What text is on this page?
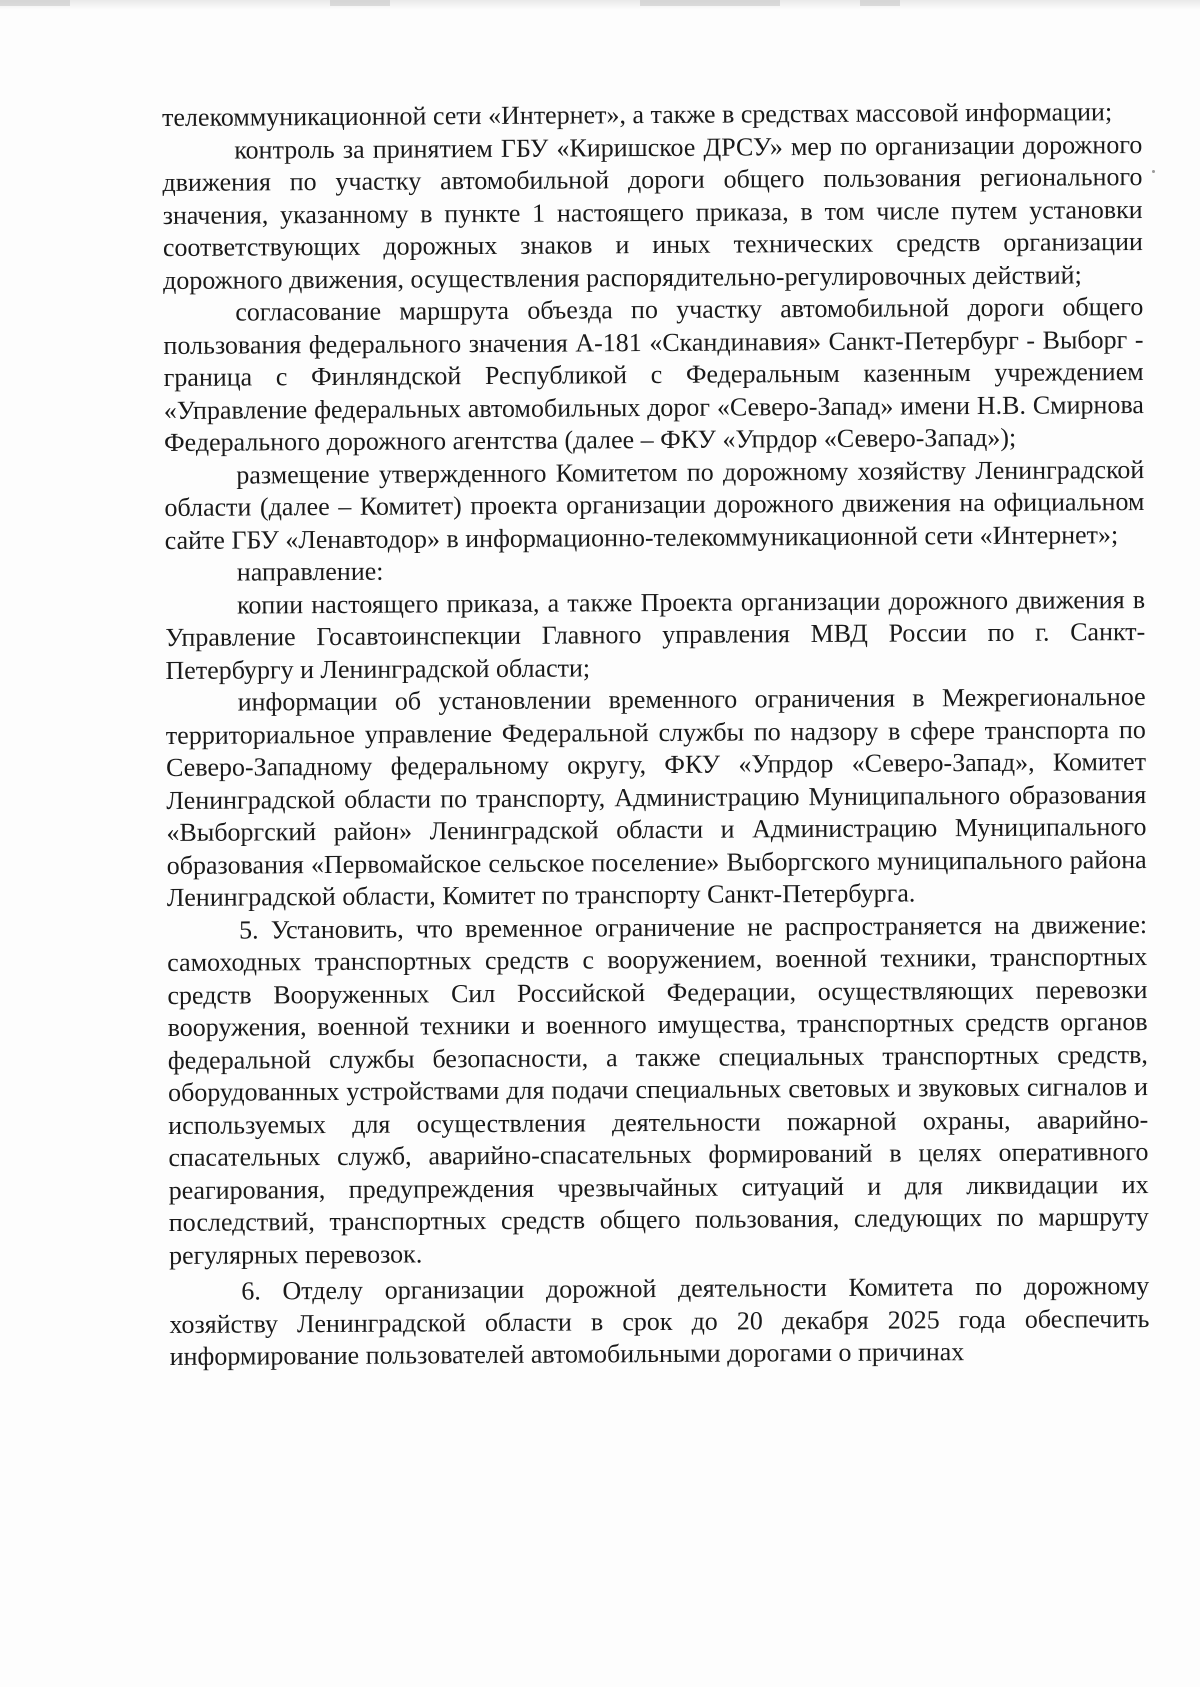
телекоммуникационной сети «Интернет», а также в средствах массовой информации;

контроль за принятием ГБУ «Киришское ДРСУ» мер по организации дорожного движения по участку автомобильной дороги общего пользования регионального значения, указанному в пункте 1 настоящего приказа, в том числе путем установки соответствующих дорожных знаков и иных технических средств организации дорожного движения, осуществления распорядительно-регулировочных действий;

согласование маршрута объезда по участку автомобильной дороги общего пользования федерального значения А-181 «Скандинавия» Санкт-Петербург - Выборг - граница с Финляндской Республикой с Федеральным казенным учреждением «Управление федеральных автомобильных дорог «Северо-Запад» имени Н.В. Смирнова Федерального дорожного агентства (далее – ФКУ «Упрдор «Северо-Запад»);

размещение утвержденного Комитетом по дорожному хозяйству Ленинградской области (далее – Комитет) проекта организации дорожного движения на официальном сайте ГБУ «Ленавтодор» в информационно-телекоммуникационной сети «Интернет»;

направление:

копии настоящего приказа, а также Проекта организации дорожного движения в Управление Госавтоинспекции Главного управления МВД России по г. Санкт-Петербургу и Ленинградской области;

информации об установлении временного ограничения в Межрегиональное территориальное управление Федеральной службы по надзору в сфере транспорта по Северо-Западному федеральному округу, ФКУ «Упрдор «Северо-Запад», Комитет Ленинградской области по транспорту, Администрацию Муниципального образования «Выборгский район» Ленинградской области и Администрацию Муниципального образования «Первомайское сельское поселение» Выборгского муниципального района Ленинградской области, Комитет по транспорту Санкт-Петербурга.

5. Установить, что временное ограничение не распространяется на движение: самоходных транспортных средств с вооружением, военной техники, транспортных средств Вооруженных Сил Российской Федерации, осуществляющих перевозки вооружения, военной техники и военного имущества, транспортных средств органов федеральной службы безопасности, а также специальных транспортных средств, оборудованных устройствами для подачи специальных световых и звуковых сигналов и используемых для осуществления деятельности пожарной охраны, аварийно-спасательных служб, аварийно-спасательных формирований в целях оперативного реагирования, предупреждения чрезвычайных ситуаций и для ликвидации их последствий, транспортных средств общего пользования, следующих по маршруту регулярных перевозок.

6. Отделу организации дорожной деятельности Комитета по дорожному хозяйству Ленинградской области в срок до 20 декабря 2025 года обеспечить информирование пользователей автомобильными дорогами о причинах
